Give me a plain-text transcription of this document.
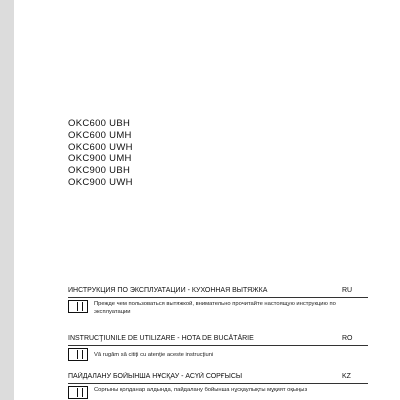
OKC600 UBH
OKC600 UMH
OKC600 UWH
OKC900 UMH
OKC900 UBH
OKC900 UWH
ИНСТРУКЦИЯ ПО ЭКСПЛУАТАЦИИ - КУХОННАЯ ВЫТЯЖКА	RU
Прежде чем пользоваться вытяжкой, внимательно прочитайте настоящую инструкцию по эксплуатации
INSTRUCŢIUNILE DE UTILIZARE - HOTA DE BUCĂTĂRIE	RO
Vă rugăm să citiţi cu atenţie aceste instrucţiuni
ПАЙДАЛАНУ БОЙЫНША НҰСҚАУ - АСҮЙ СОРҒЫСЫ	KZ
Сорғыны қолданар алдында, пайдалану бойынша нұсқаулықты мұқият оқыңыз
